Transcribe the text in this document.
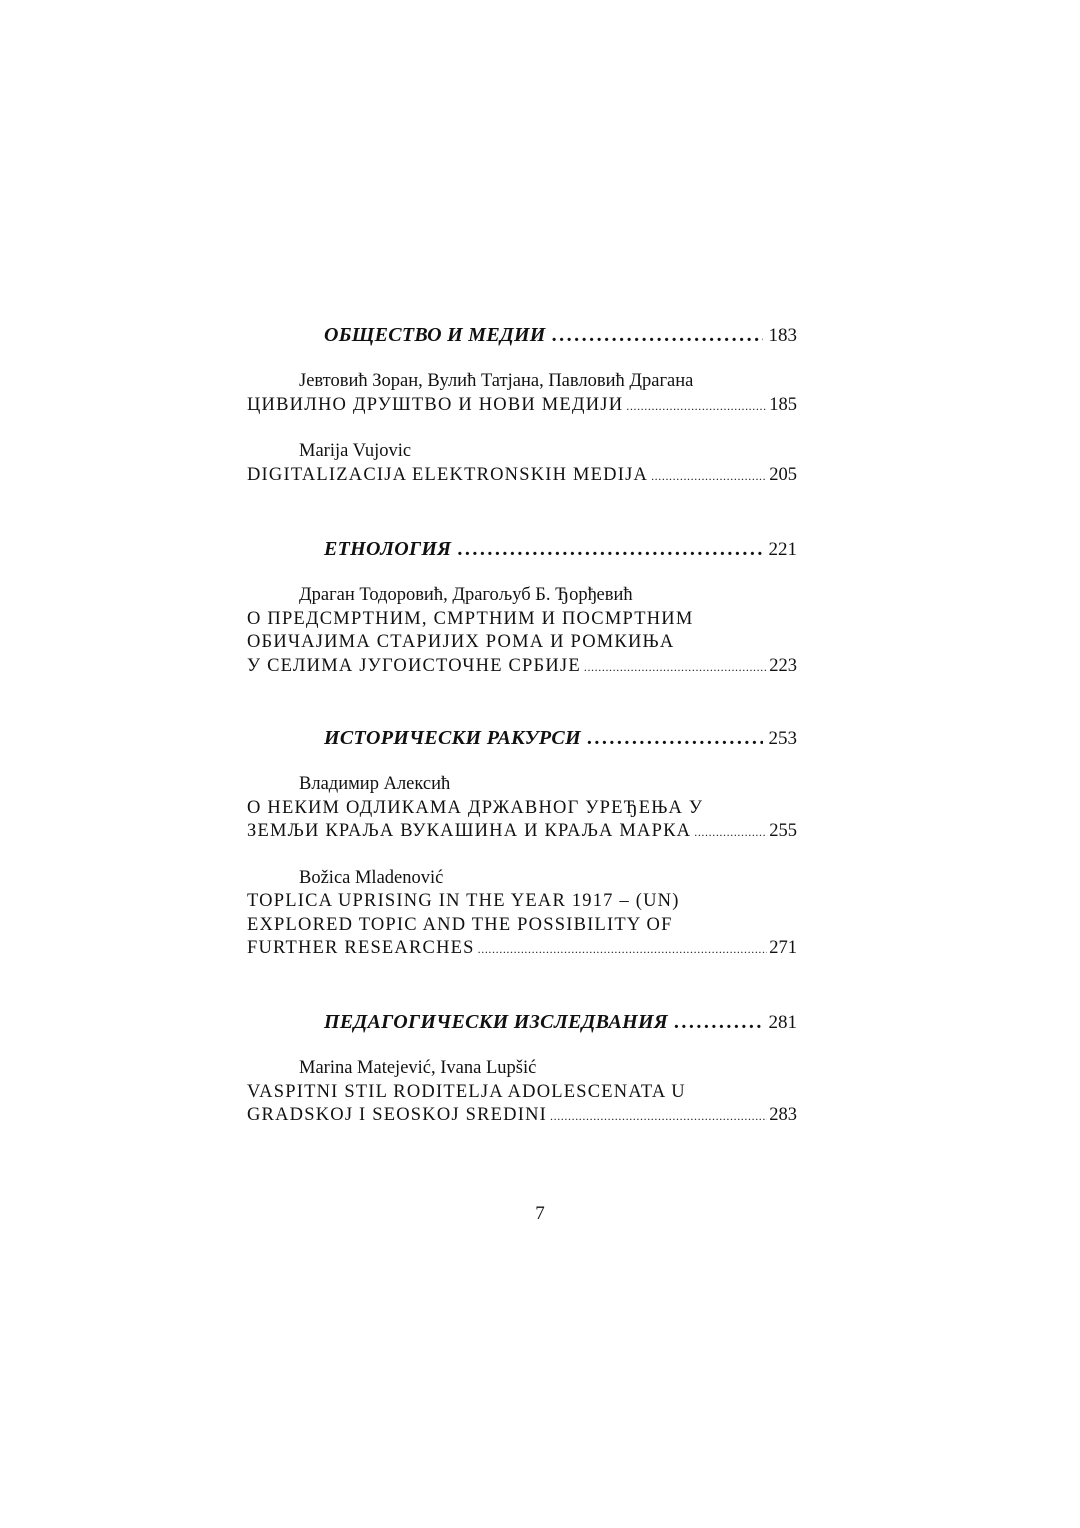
ОБЩЕСТВО И МЕДИИ .....	183
Јевтовић Зоран, Вулић Татјана, Павловић Драгана
ЦИВИЛНО ДРУШТВО И НОВИ МЕДИЈИ .....	185
Marija Vujovic
DIGITALIZACIJA ELEKTRONSKIH MEDIJA .....	205
ЕТНОЛОГИЯ .....	221
Драган Тодоровић, Драгољуб Б. Ђорђевић
О ПРЕДСМРТНИМ, СМРТНИМ И ПОСМРТНИМ
ОБИЧАЈИМА СТАРИЈИХ РОМА И РОМКИЊА
У СЕЛИМА ЈУГОИСТОЧНЕ СРБИЈЕ .....	223
ИСТОРИЧЕСКИ РАКУРСИ .....	253
Владимир Алексић
О НЕКИМ ОДЛИКАМА ДРЖАВНОГ УРЕЂЕЊА У
ЗЕМЉИ КРАЉА ВУКАШИНА И КРАЉА МАРКА .....	255
Božica Mladenović
TOPLICA UPRISING IN THE YEAR 1917 – (UN)
EXPLORED TOPIC AND THE POSSIBILITY OF
FURTHER RESEARCHES .....	271
ПЕДАГОГИЧЕСКИ ИЗСЛЕДВАНИЯ .....	281
Marina Matejević, Ivana Lupšić
VASPITNI STIL RODITELJA ADOLESCENATA U
GRADSKOJ I SEOSKOJ SREDINI .....	283
7
